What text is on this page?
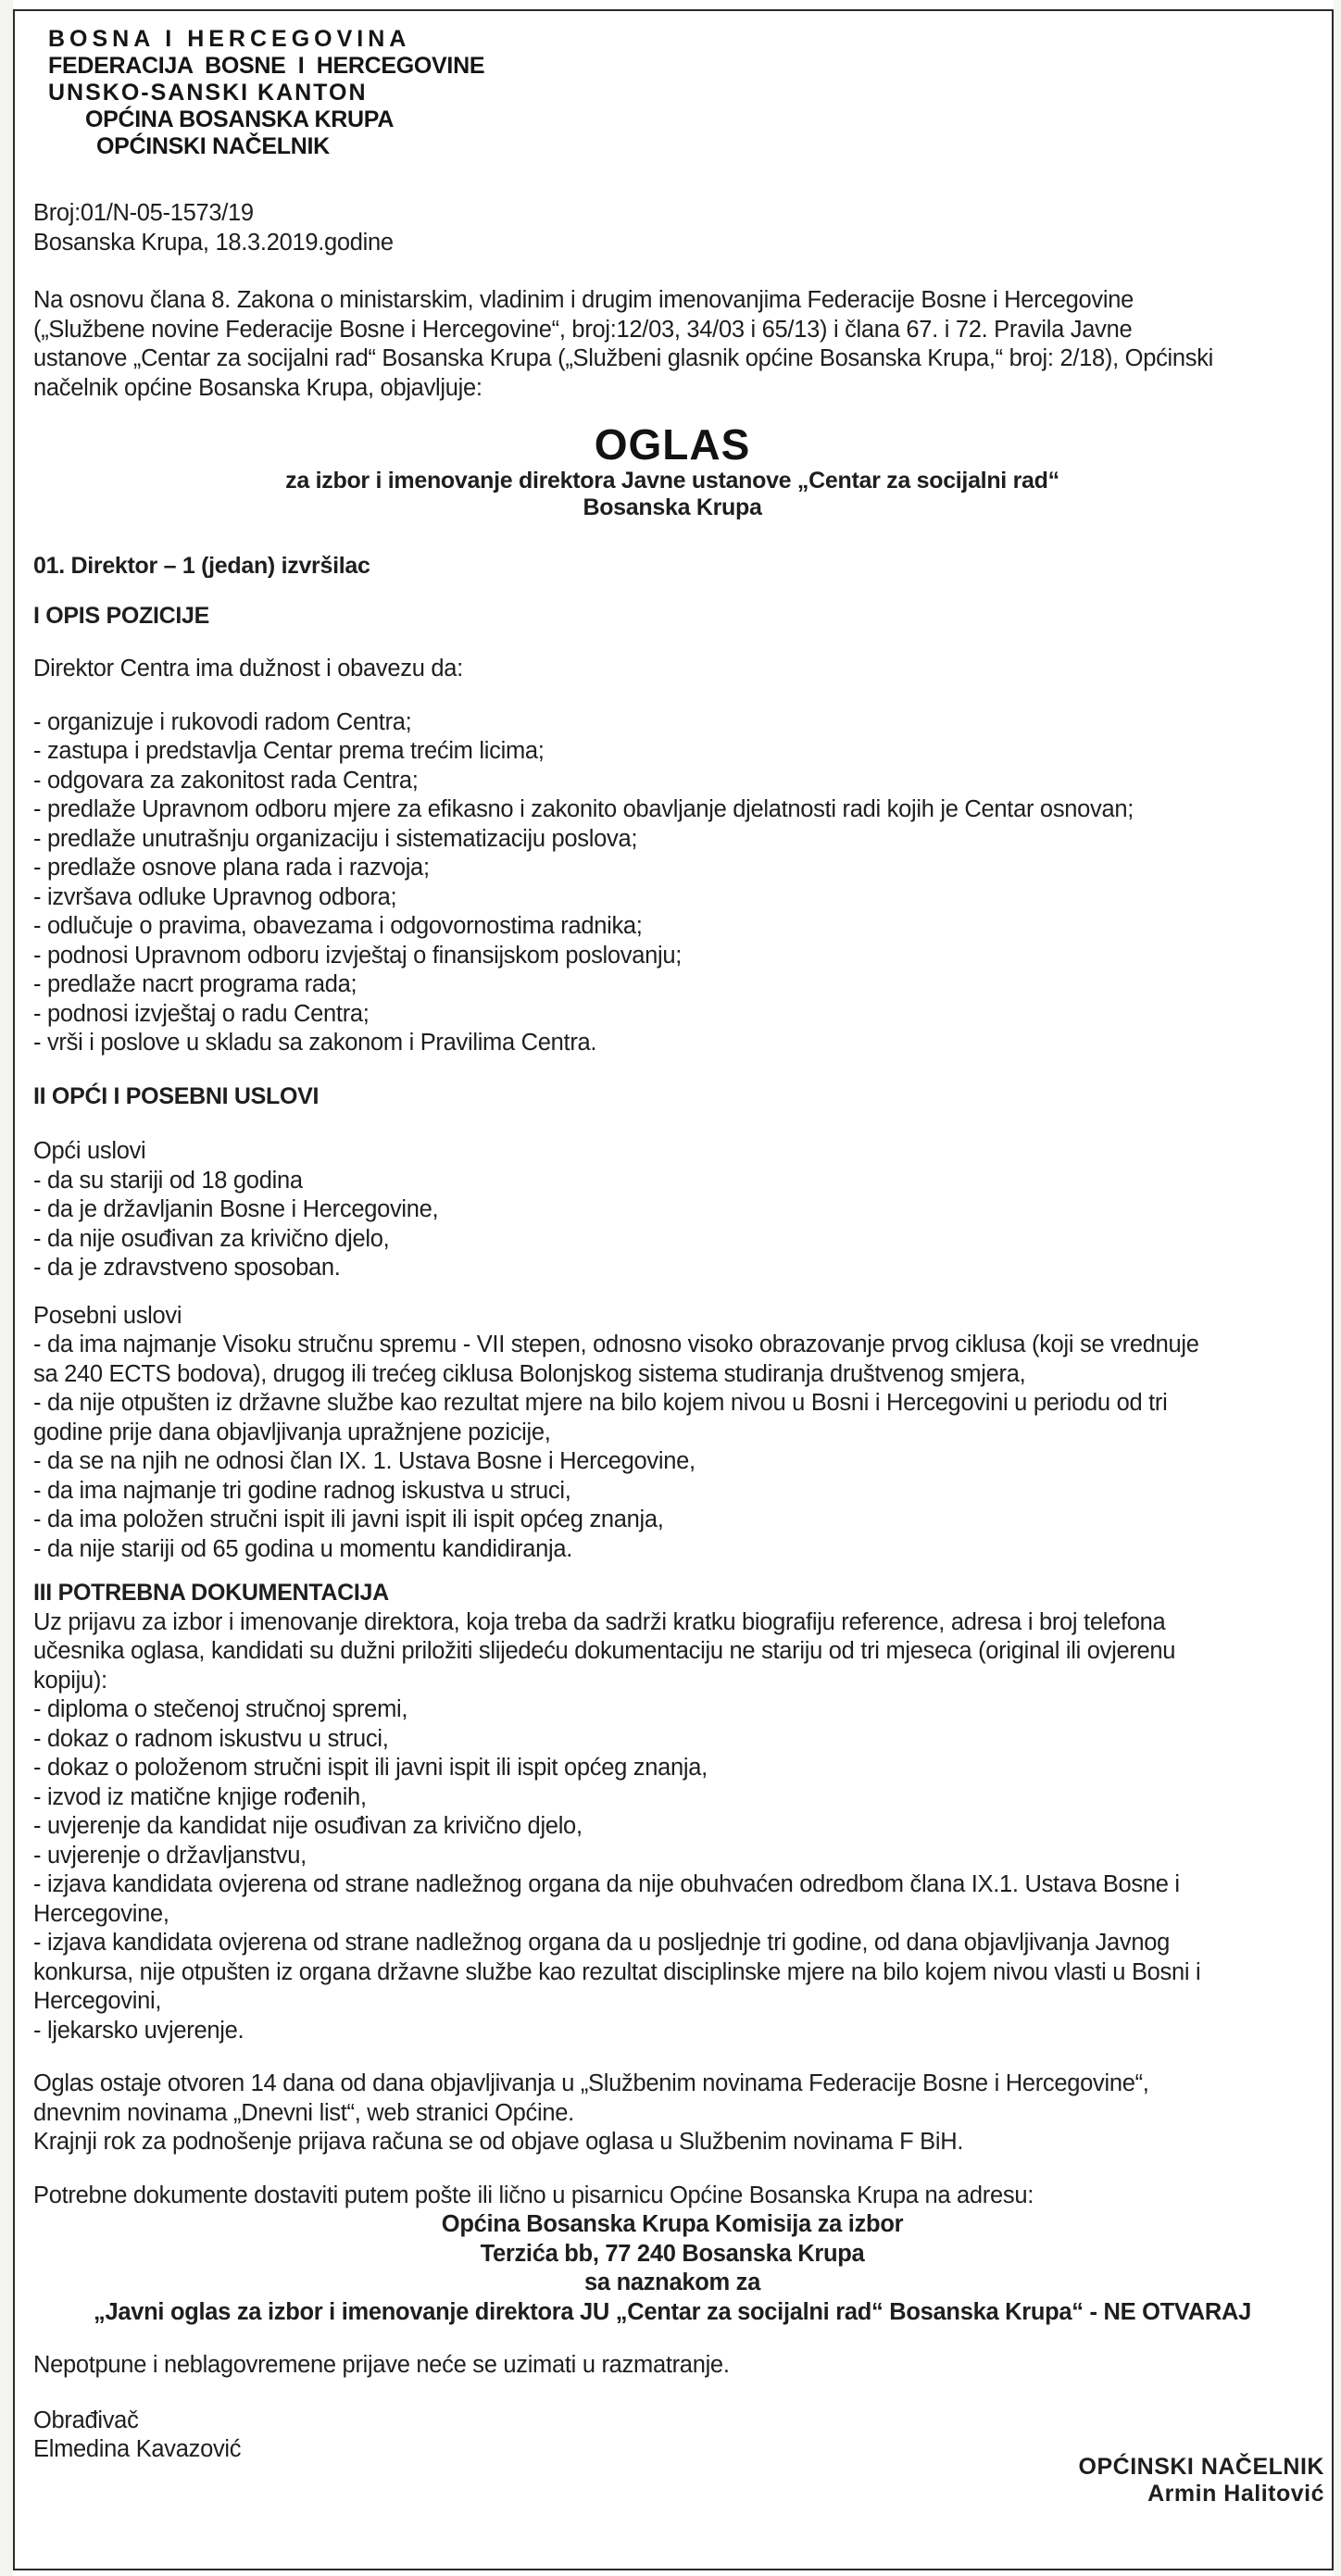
BOSNA I HERCEGOVINA
FEDERACIJA  BOSNE  I  HERCEGOVINE
UNSKO-SANSKI KANTON
OPĆINA BOSANSKA KRUPA
OPĆINSKI NAČELNIK
Broj:01/N-05-1573/19
Bosanska Krupa, 18.3.2019.godine
Na osnovu člana 8. Zakona o ministarskim, vladinim i drugim imenovanjima Federacije Bosne i Hercegovine
(„Službene novine Federacije Bosne i Hercegovine“, broj:12/03, 34/03 i 65/13) i člana 67. i 72. Pravila Javne
ustanove „Centar za socijalni rad“ Bosanska Krupa („Službeni glasnik općine Bosanska Krupa,“ broj: 2/18), Općinski
načelnik općine Bosanska Krupa, objavljuje:
OGLAS
za izbor i imenovanje direktora Javne ustanove „Centar za socijalni rad“
Bosanska Krupa
01. Direktor – 1 (jedan) izvršilac
I OPIS POZICIJE
Direktor Centra ima dužnost i obavezu da:
- organizuje i rukovodi radom Centra;
- zastupa i predstavlja Centar prema trećim licima;
- odgovara za zakonitost rada Centra;
- predlaže Upravnom odboru mjere za efikasno i zakonito obavljanje djelatnosti radi kojih je Centar osnovan;
- predlaže unutrašnju organizaciju i sistematizaciju poslova;
- predlaže osnove plana rada i razvoja;
- izvršava odluke Upravnog odbora;
- odlučuje o pravima, obavezama i odgovornostima radnika;
- podnosi Upravnom odboru izvještaj o finansijskom poslovanju;
- predlaže nacrt programa rada;
- podnosi izvještaj o radu Centra;
- vrši i poslove u skladu sa zakonom i Pravilima Centra.
II OPĆI I POSEBNI USLOVI
Opći uslovi
- da su stariji od 18 godina
- da je državljanin Bosne i Hercegovine,
- da nije osuđivan za krivično djelo,
- da je zdravstveno sposoban.
Posebni uslovi
- da ima najmanje Visoku stručnu spremu - VII stepen, odnosno visoko obrazovanje prvog ciklusa (koji se vrednuje
sa 240 ECTS bodova), drugog ili trećeg ciklusa Bolonjskog sistema studiranja društvenog smjera,
- da nije otpušten iz državne službe kao rezultat mjere na bilo kojem nivou u Bosni i Hercegovini u periodu od tri
godine prije dana objavljivanja upražnjene pozicije,
- da se na njih ne odnosi član IX. 1. Ustava Bosne i Hercegovine,
- da ima najmanje tri godine radnog iskustva u struci,
- da ima položen stručni ispit ili javni ispit ili ispit općeg znanja,
- da nije stariji od 65 godina u momentu kandidiranja.
III POTREBNA DOKUMENTACIJA
Uz prijavu za izbor i imenovanje direktora, koja treba da sadrži kratku biografiju reference, adresa i broj telefona
učesnika oglasa, kandidati su dužni priložiti slijedeću dokumentaciju ne stariju od tri mjeseca (original ili ovjerenu
kopiju):
- diploma o stečenoj stručnoj spremi,
- dokaz o radnom iskustvu u struci,
- dokaz o položenom stručni ispit ili javni ispit ili ispit općeg znanja,
- izvod iz matične knjige rođenih,
- uvjerenje da kandidat nije osuđivan za krivično djelo,
- uvjerenje o državljanstvu,
- izjava kandidata ovjerena od strane nadležnog organa da nije obuhvaćen odredbom člana IX.1. Ustava Bosne i
Hercegovine,
- izjava kandidata ovjerena od strane nadležnog organa da u posljednje tri godine, od dana objavljivanja Javnog
konkursa, nije otpušten iz organa državne službe kao rezultat disciplinske mjere na bilo kojem nivou vlasti u Bosni i
Hercegovini,
- ljekarsko uvjerenje.
Oglas ostaje otvoren 14 dana od dana objavljivanja u „Službenim novinama Federacije Bosne i Hercegovine“,
dnevnim novinama „Dnevni list“, web stranici Općine.
Krajnji rok za podnošenje prijava računa se od objave oglasa u Službenim novinama F BiH.
Potrebne dokumente dostaviti putem pošte ili lično u pisarnicu Općine Bosanska Krupa na adresu:
Općina Bosanska Krupa Komisija za izbor
Terzića bb, 77 240 Bosanska Krupa
sa naznakom za
„Javni oglas za izbor i imenovanje direktora JU „Centar za socijalni rad“ Bosanska Krupa“ - NE OTVARAJ
Nepotpune i neblagovremene prijave neće se uzimati u razmatranje.
Obrađivač
Elmedina Kavazović
OPĆINSKI NAČELNIK
Armin Halitović
